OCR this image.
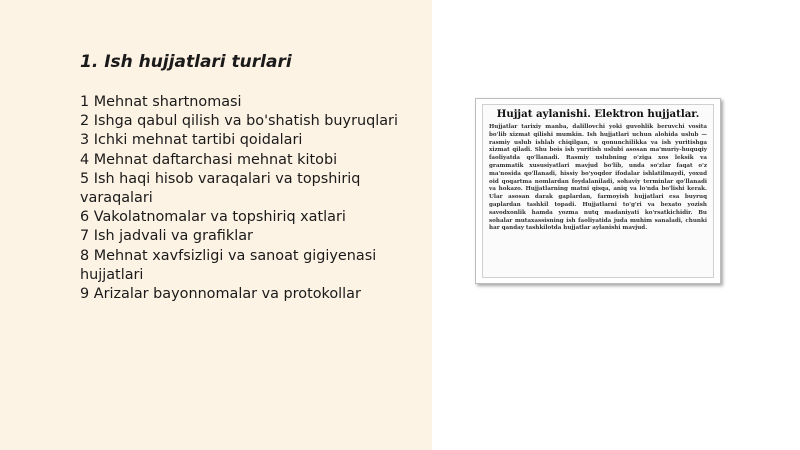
1. Ish hujjatlari turlari
1 Mehnat shartnomasi
2 Ishga qabul qilish va bo'shatish buyruqlari
3 Ichki mehnat tartibi qoidalari
4 Mehnat daftarchasi mehnat kitobi
5 Ish haqi hisob varaqalari va topshiriq varaqalari
6 Vakolatnomalar va topshiriq xatlari
7 Ish jadvali va grafiklar
8 Mehnat xavfsizligi va sanoat gigiyenasi hujjatlari
9 Arizalar bayonnomalar va protokollar

Hujjat aylanishi. Elektron hujjatlar.

Hujjatlar tarixiy manba, dalillovchi yoki guvohlik beruvchi vosita bo'lib xizmat qilishi mumkin. Ish hujjatlari uchun alohida uslub — rasmiy uslub ishlab chiqilgan, u qonunchilikka va ish yuritishga xizmat qiladi. Shu bois ish yuritish uslubi asosan ma'muriy-huquqiy faoliyatda qo'llanadi. Rasmiy uslubning o'ziga xos leksik va grammatik xususiyatlari mavjud bo'lib, unda so'zlar faqat o'z ma'nosida qo'llanadi, hissiy bo'yoqdor ifodalar ishlatilmaydi, yoxud oid qoqartma nomlardan foydalaniladi, sohaviy terminlar qo'llanadi va hokazo. Hujjatlarning matni qisqa, aniq va lo'nda bo'lishi kerak. Ular asosan darak gaplardan, farmoyish hujjatlari esa buyruq gaplardan tashkil topadi. Hujjatlarni to'g'ri va bexato yozish savodxonlik hamda yozma nutq madaniyati ko'rsatkichidir. Bu sohalar mutaxassisning ish faoliyatida juda muhim sanaladi, chunki har qanday tashkilotda hujjatlar aylanishi mavjud.
